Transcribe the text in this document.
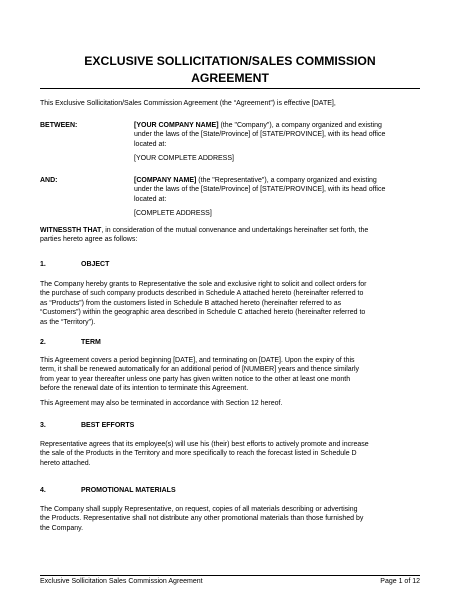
EXCLUSIVE SOLLICITATION/SALES COMMISSION
AGREEMENT
This Exclusive Sollicitation/Sales Commission Agreement (the “Agreement”) is effective [DATE],
BETWEEN:	[YOUR COMPANY NAME] (the "Company"), a company organized and existing
under the laws of the [State/Province] of [STATE/PROVINCE], with its head office
located at:
[YOUR COMPLETE ADDRESS]
AND:	[COMPANY NAME] (the "Representative"), a company organized and existing
under the laws of the [State/Province] of [STATE/PROVINCE], with its head office
located at:
[COMPLETE ADDRESS]
WITNESSTH THAT, in consideration of the mutual convenance and undertakings hereinafter set forth, the
parties hereto agree as follows:
1.	OBJECT
The Company hereby grants to Representative the sole and exclusive right to solicit and collect orders for
the purchase of such company products described in Schedule A attached hereto (hereinafter referred to
as “Products”) from the customers listed in Schedule B attached hereto (hereinafter referred to as
“Customers”) within the geographic area described in Schedule C attached hereto (hereinafter referred to
as the “Territory”).
2.	TERM
This Agreement covers a period beginning [DATE], and terminating on [DATE]. Upon the expiry of this
term, it shall be renewed automatically for an additional period of [NUMBER] years and thence similarly
from year to year thereafter unless one party has given written notice to the other at least one month
before the renewal date of its intention to terminate this Agreement.
This Agreement may also be terminated in accordance with Section 12 hereof.
3.	BEST EFFORTS
Representative agrees that its employee(s) will use his (their) best efforts to actively promote and increase
the sale of the Products in the Territory and more specifically to reach the forecast listed in Schedule D
hereto attached.
4.	PROMOTIONAL MATERIALS
The Company shall supply Representative, on request, copies of all materials describing or advertising
the Products. Representative shall not distribute any other promotional materials than those furnished by
the Company.
Exclusive Sollicitation Sales Commission Agreement	Page 1 of 12
